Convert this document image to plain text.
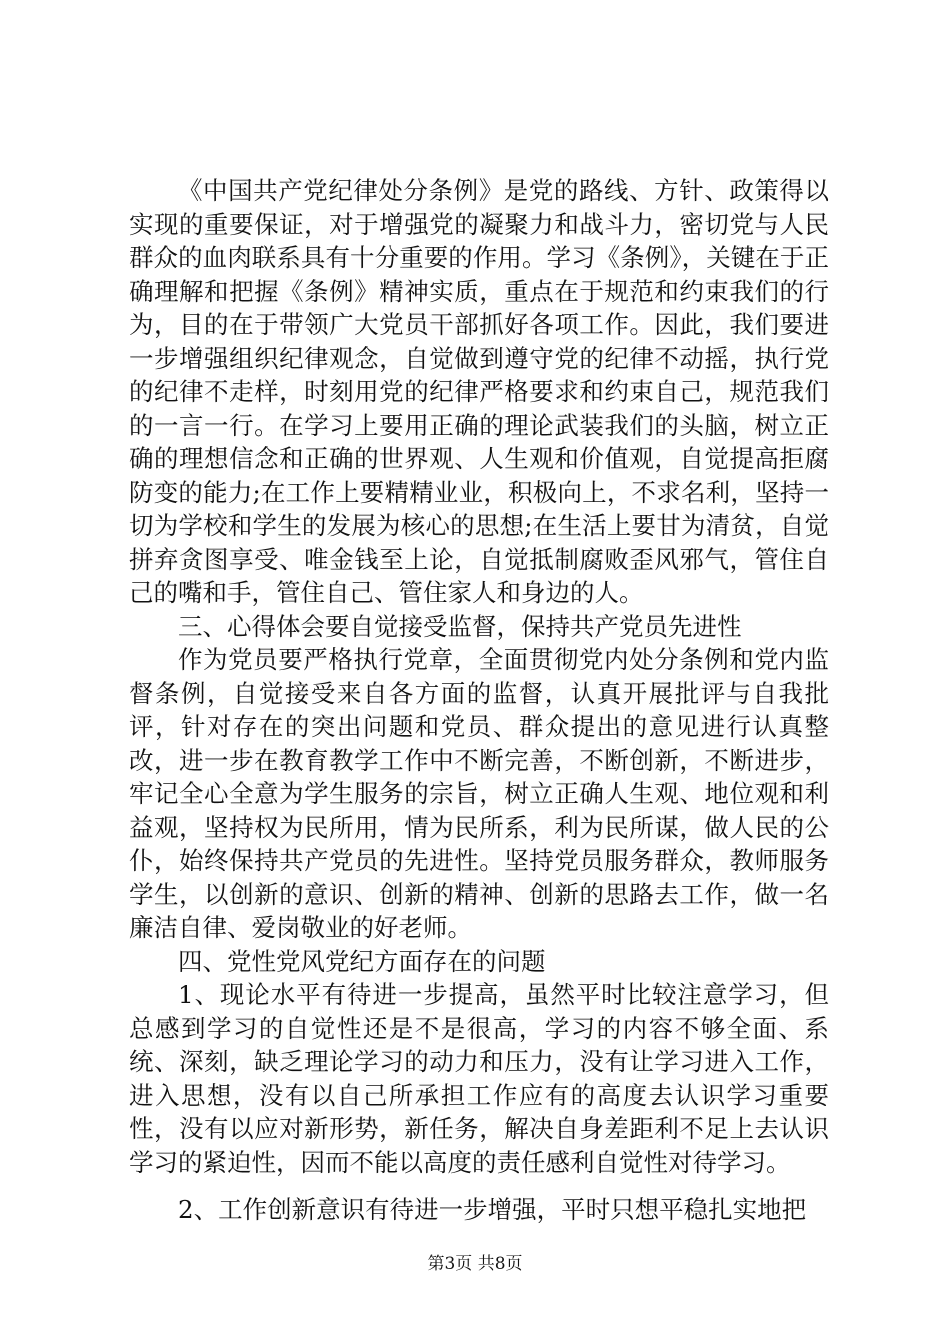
《中国共产党纪律处分条例》是党的路线、方针、政策得以实现的重要保证，对于增强党的凝聚力和战斗力，密切党与人民群众的血肉联系具有十分重要的作用。学习《条例》，关键在于正确理解和把握《条例》精神实质，重点在于规范和约束我们的行为，目的在于带领广大党员干部抓好各项工作。因此，我们要进一步增强组织纪律观念，自觉做到遵守党的纪律不动摇，执行党的纪律不走样，时刻用党的纪律严格要求和约束自己，规范我们的一言一行。在学习上要用正确的理论武装我们的头脑，树立正确的理想信念和正确的世界观、人生观和价值观，自觉提高拒腐防变的能力;在工作上要精精业业，积极向上，不求名利，坚持一切为学校和学生的发展为核心的思想;在生活上要甘为清贫，自觉拼弃贪图享受、唯金钱至上论，自觉抵制腐败歪风邪气，管住自己的嘴和手，管住自己、管住家人和身边的人。

三、心得体会要自觉接受监督，保持共产党员先进性

作为党员要严格执行党章，全面贯彻党内处分条例和党内监督条例，自觉接受来自各方面的监督，认真开展批评与自我批评，针对存在的突出问题和党员、群众提出的意见进行认真整改，进一步在教育教学工作中不断完善，不断创新，不断进步，牢记全心全意为学生服务的宗旨，树立正确人生观、地位观和利益观，坚持权为民所用，情为民所系，利为民所谋，做人民的公仆，始终保持共产党员的先进性。坚持党员服务群众，教师服务学生，以创新的意识、创新的精神、创新的思路去工作，做一名廉洁自律、爱岗敬业的好老师。

四、党性党风党纪方面存在的问题

1、现论水平有待进一步提高，虽然平时比较注意学习，但总感到学习的自觉性还是不是很高，学习的内容不够全面、系统、深刻，缺乏理论学习的动力和压力，没有让学习进入工作，进入思想，没有以自己所承担工作应有的高度去认识学习重要性，没有以应对新形势，新任务，解决自身差距利不足上去认识学习的紧迫性，因而不能以高度的责任感利自觉性对待学习。

2、工作创新意识有待进一步增强，平时只想平稳扎实地把

第3页 共8页
